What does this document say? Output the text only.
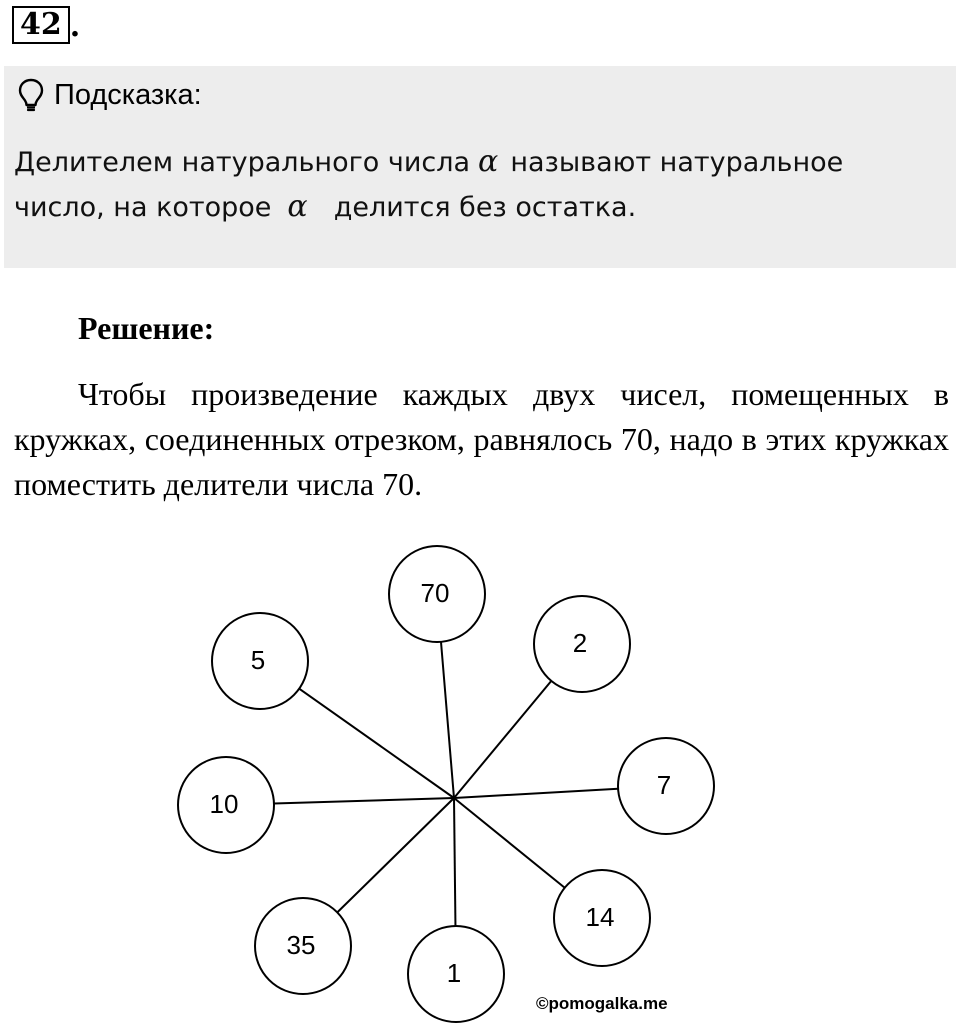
42 .
Подсказка:
Делителем натурального числа α называют натуральное
число, на которое α делится без остатка.
Решение:
Чтобы произведение каждых двух чисел, помещенных в кружках, соединенных отрезком, равнялось 70, надо в этих кружках поместить делители числа 70.
70
2
5
10
7
14
35
1
©pomogalka.me
